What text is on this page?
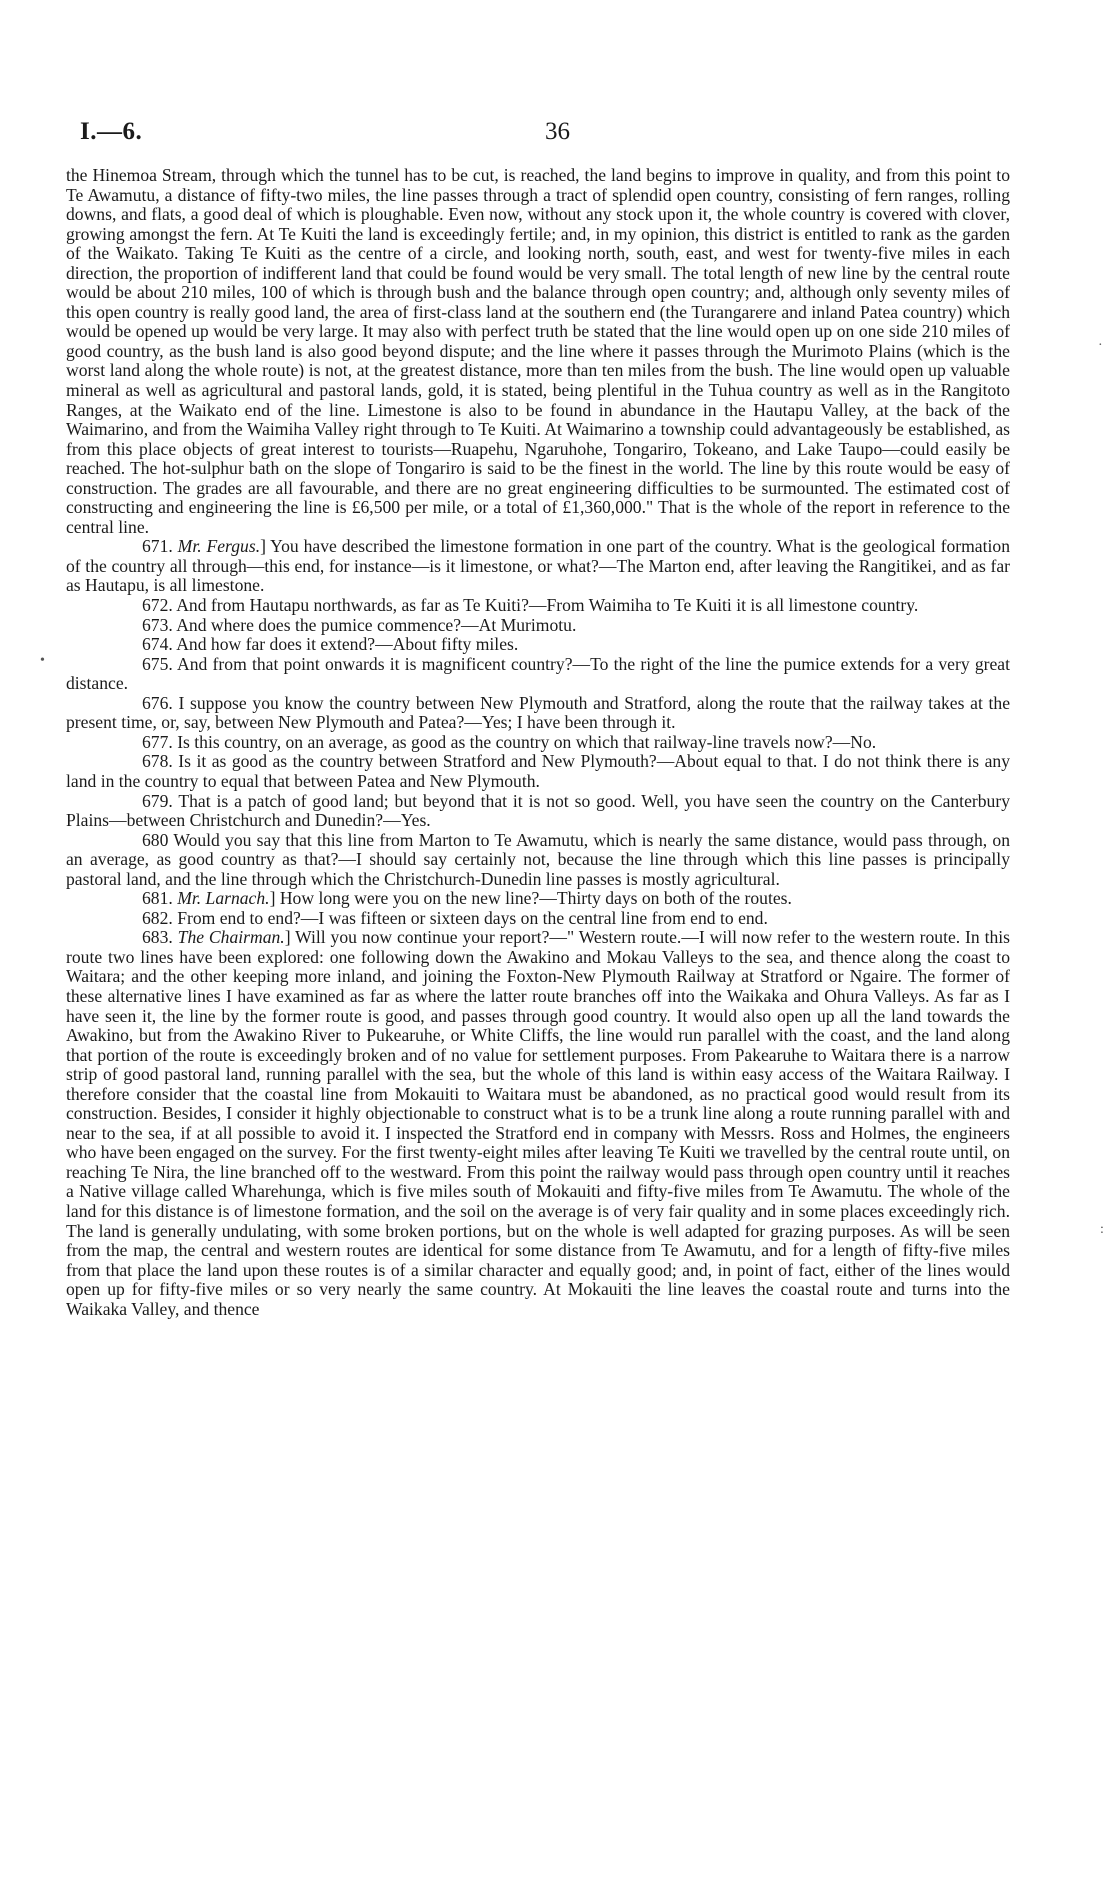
I.—6.	36

the Hinemoa Stream, through which the tunnel has to be cut, is reached, the land begins to improve in quality, and from this point to Te Awamutu, a distance of fifty-two miles, the line passes through a tract of splendid open country, consisting of fern ranges, rolling downs, and flats, a good deal of which is ploughable. Even now, without any stock upon it, the whole country is covered with clover, growing amongst the fern. At Te Kuiti the land is exceedingly fertile; and, in my opinion, this district is entitled to rank as the garden of the Waikato. Taking Te Kuiti as the centre of a circle, and looking north, south, east, and west for twenty-five miles in each direction, the proportion of indifferent land that could be found would be very small. The total length of new line by the central route would be about 210 miles, 100 of which is through bush and the balance through open country; and, although only seventy miles of this open country is really good land, the area of first-class land at the southern end (the Turangarere and inland Patea country) which would be opened up would be very large. It may also with perfect truth be stated that the line would open up on one side 210 miles of good country, as the bush land is also good beyond dispute; and the line where it passes through the Murimoto Plains (which is the worst land along the whole route) is not, at the greatest distance, more than ten miles from the bush. The line would open up valuable mineral as well as agricultural and pastoral lands, gold, it is stated, being plentiful in the Tuhua country as well as in the Rangitoto Ranges, at the Waikato end of the line. Limestone is also to be found in abundance in the Hautapu Valley, at the back of the Waimarino, and from the Waimiha Valley right through to Te Kuiti. At Waimarino a township could advantageously be established, as from this place objects of great interest to tourists—Ruapehu, Ngaruhohe, Tongariro, Tokeano, and Lake Taupo—could easily be reached. The hot-sulphur bath on the slope of Tongariro is said to be the finest in the world. The line by this route would be easy of construction. The grades are all favourable, and there are no great engineering difficulties to be surmounted. The estimated cost of constructing and engineering the line is £6,500 per mile, or a total of £1,360,000." That is the whole of the report in reference to the central line.

671. Mr. Fergus.] You have described the limestone formation in one part of the country. What is the geological formation of the country all through—this end, for instance—is it limestone, or what?—The Marton end, after leaving the Rangitikei, and as far as Hautapu, is all limestone.

672. And from Hautapu northwards, as far as Te Kuiti?—From Waimiha to Te Kuiti it is all limestone country.

673. And where does the pumice commence?—At Murimotu.

674. And how far does it extend?—About fifty miles.

675. And from that point onwards it is magnificent country?—To the right of the line the pumice extends for a very great distance.

676. I suppose you know the country between New Plymouth and Stratford, along the route that the railway takes at the present time, or, say, between New Plymouth and Patea?—Yes; I have been through it.

677. Is this country, on an average, as good as the country on which that railway-line travels now?—No.

678. Is it as good as the country between Stratford and New Plymouth?—About equal to that. I do not think there is any land in the country to equal that between Patea and New Plymouth.

679. That is a patch of good land; but beyond that it is not so good. Well, you have seen the country on the Canterbury Plains—between Christchurch and Dunedin?—Yes.

680 Would you say that this line from Marton to Te Awamutu, which is nearly the same distance, would pass through, on an average, as good country as that?—I should say certainly not, because the line through which this line passes is principally pastoral land, and the line through which the Christchurch-Dunedin line passes is mostly agricultural.

681. Mr. Larnach.] How long were you on the new line?—Thirty days on both of the routes.

682. From end to end?—I was fifteen or sixteen days on the central line from end to end.

683. The Chairman.] Will you now continue your report?—" Western route.—I will now refer to the western route. In this route two lines have been explored: one following down the Awakino and Mokau Valleys to the sea, and thence along the coast to Waitara; and the other keeping more inland, and joining the Foxton-New Plymouth Railway at Stratford or Ngaire. The former of these alternative lines I have examined as far as where the latter route branches off into the Waikaka and Ohura Valleys. As far as I have seen it, the line by the former route is good, and passes through good country. It would also open up all the land towards the Awakino, but from the Awakino River to Pukearuhe, or White Cliffs, the line would run parallel with the coast, and the land along that portion of the route is exceedingly broken and of no value for settlement purposes. From Pakearuhe to Waitara there is a narrow strip of good pastoral land, running parallel with the sea, but the whole of this land is within easy access of the Waitara Railway. I therefore consider that the coastal line from Mokauiti to Waitara must be abandoned, as no practical good would result from its construction. Besides, I consider it highly objectionable to construct what is to be a trunk line along a route running parallel with and near to the sea, if at all possible to avoid it. I inspected the Stratford end in company with Messrs. Ross and Holmes, the engineers who have been engaged on the survey. For the first twenty-eight miles after leaving Te Kuiti we travelled by the central route until, on reaching Te Nira, the line branched off to the westward. From this point the railway would pass through open country until it reaches a Native village called Wharehunga, which is five miles south of Mokauiti and fifty-five miles from Te Awamutu. The whole of the land for this distance is of limestone formation, and the soil on the average is of very fair quality and in some places exceedingly rich. The land is generally undulating, with some broken portions, but on the whole is well adapted for grazing purposes. As will be seen from the map, the central and western routes are identical for some distance from Te Awamutu, and for a length of fifty-five miles from that place the land upon these routes is of a similar character and equally good; and, in point of fact, either of the lines would open up for fifty-five miles or so very nearly the same country. At Mokauiti the line leaves the coastal route and turns into the Waikaka Valley, and thence

·
•
:
